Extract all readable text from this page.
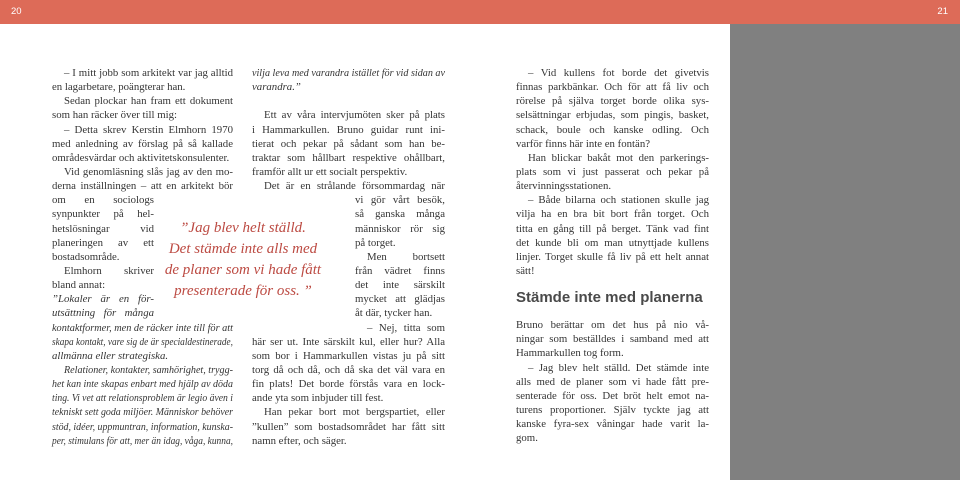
20	21
– I mitt jobb som arkitekt var jag alltid
en lagarbetare, poängterar han.
Sedan plockar han fram ett dokument
som han räcker över till mig:
– Detta skrev Kerstin Elmhorn 1970
med anledning av förslag på så kallade
områdesvärdar och aktivitetskonsulenter.
Vid genomläsning slås jag av den mo-
derna inställningen – att en arkitekt bör
om en sociologs
synpunkter på hel-
hetslösningar vid
planeringen av ett
bostadsområde.
Elmhorn skriver
bland annat:
”Lokaler är en för-
utsättning för många
kontaktformer, men de räcker inte till för att
skapa kontakt, vare sig de är specialdestinerade,
allmänna eller strategiska.
Relationer, kontakter, samhörighet, trygg-
het kan inte skapas enbart med hjälp av döda
ting. Vi vet att relationsproblem är legio även i
tekniskt sett goda miljöer. Människor behöver
stöd, idéer, uppmuntran, information, kunska-
per, stimulans för att, mer än idag, våga, kunna,
”Jag blev helt ställd.
Det stämde inte alls med
de planer som vi hade fått
presenterade för oss. ”
vilja leva med varandra istället för vid sidan av
varandra.”
Ett av våra intervjumöten sker på plats
i Hammarkullen. Bruno guidar runt ini-
tierat och pekar på sådant som han be-
traktar som hållbart respektive ohållbart,
framför allt ur ett socialt perspektiv.
Det är en strålande försommardag när
vi gör vårt besök,
så ganska många
människor rör sig
på torget.
Men bortsett
från vädret finns
det inte särskilt
mycket att glädjas
åt där, tycker han.
– Nej, titta som
här ser ut. Inte särskilt kul, eller hur? Alla
som bor i Hammarkullen vistas ju på sitt
torg då och då, och då ska det väl vara en
fin plats! Det borde förstås vara en lock-
ande yta som inbjuder till fest.
Han pekar bort mot bergspartiet, eller
”kullen” som bostadsområdet har fått sitt
namn efter, och säger.
– Vid kullens fot borde det givetvis
finnas parkbänkar. Och för att få liv och
rörelse på själva torget borde olika sys-
selsättningar erbjudas, som pingis, basket,
schack, boule och kanske odling. Och
varför finns här inte en fontän?
Han blickar bakåt mot den parkerings-
plats som vi just passerat och pekar på
återvinningsstationen.
– Både bilarna och stationen skulle jag
vilja ha en bra bit bort från torget. Och
titta en gång till på berget. Tänk vad fint
det kunde bli om man utnyttjade kullens
linjer. Torget skulle få liv på ett helt annat
sätt!
Stämde inte med planerna
Bruno berättar om det hus på nio vå-
ningar som beställdes i samband med att
Hammarkullen tog form.
– Jag blev helt ställd. Det stämde inte
alls med de planer som vi hade fått pre-
senterade för oss. Det bröt helt emot na-
turens proportioner. Själv tyckte jag att
kanske fyra-sex våningar hade varit la-
gom.
